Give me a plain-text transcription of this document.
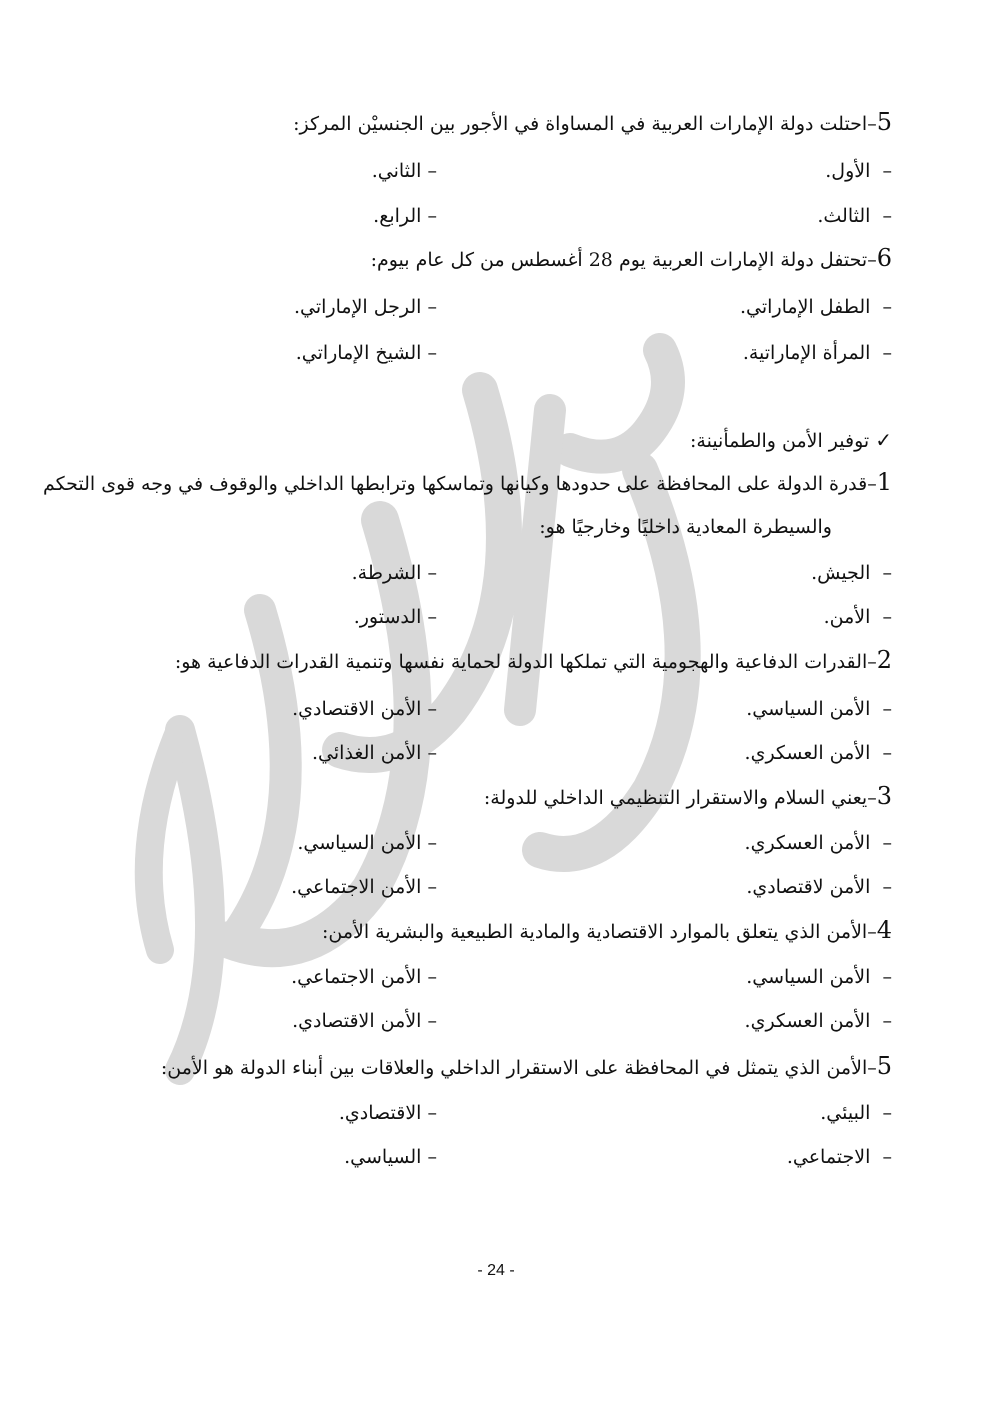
5–احتلت دولة الإمارات العربية في المساواة في الأجور بين الجنسيْن المركز:
–  الأول.
– الثاني.
–  الثالث.
– الرابع.
6–تحتفل دولة الإمارات العربية يوم 28 أغسطس من كل عام بيوم:
–  الطفل الإماراتي.
– الرجل الإماراتي.
–  المرأة الإماراتية.
– الشيخ الإماراتي.
✓ توفير الأمن والطمأنينة:
1–قدرة الدولة على المحافظة على حدودها وكيانها وتماسكها وترابطها الداخلي والوقوف في وجه قوى التحكم
والسيطرة المعادية داخليًا وخارجيًا هو:
–  الجيش.
– الشرطة.
–  الأمن.
– الدستور.
2–القدرات الدفاعية والهجومية التي تملكها الدولة لحماية نفسها وتنمية القدرات الدفاعية هو:
–  الأمن السياسي.
– الأمن الاقتصادي.
–  الأمن العسكري.
– الأمن الغذائي.
3–يعني السلام والاستقرار التنظيمي الداخلي للدولة:
–  الأمن العسكري.
– الأمن السياسي.
–  الأمن لاقتصادي.
– الأمن الاجتماعي.
4–الأمن الذي يتعلق بالموارد الاقتصادية والمادية الطبيعية والبشرية الأمن:
–  الأمن السياسي.
– الأمن الاجتماعي.
–  الأمن العسكري.
– الأمن الاقتصادي.
5–الأمن الذي يتمثل في المحافظة على الاستقرار الداخلي والعلاقات بين أبناء الدولة هو الأمن:
–  البيئي.
– الاقتصادي.
–  الاجتماعي.
– السياسي.
- 24 -
